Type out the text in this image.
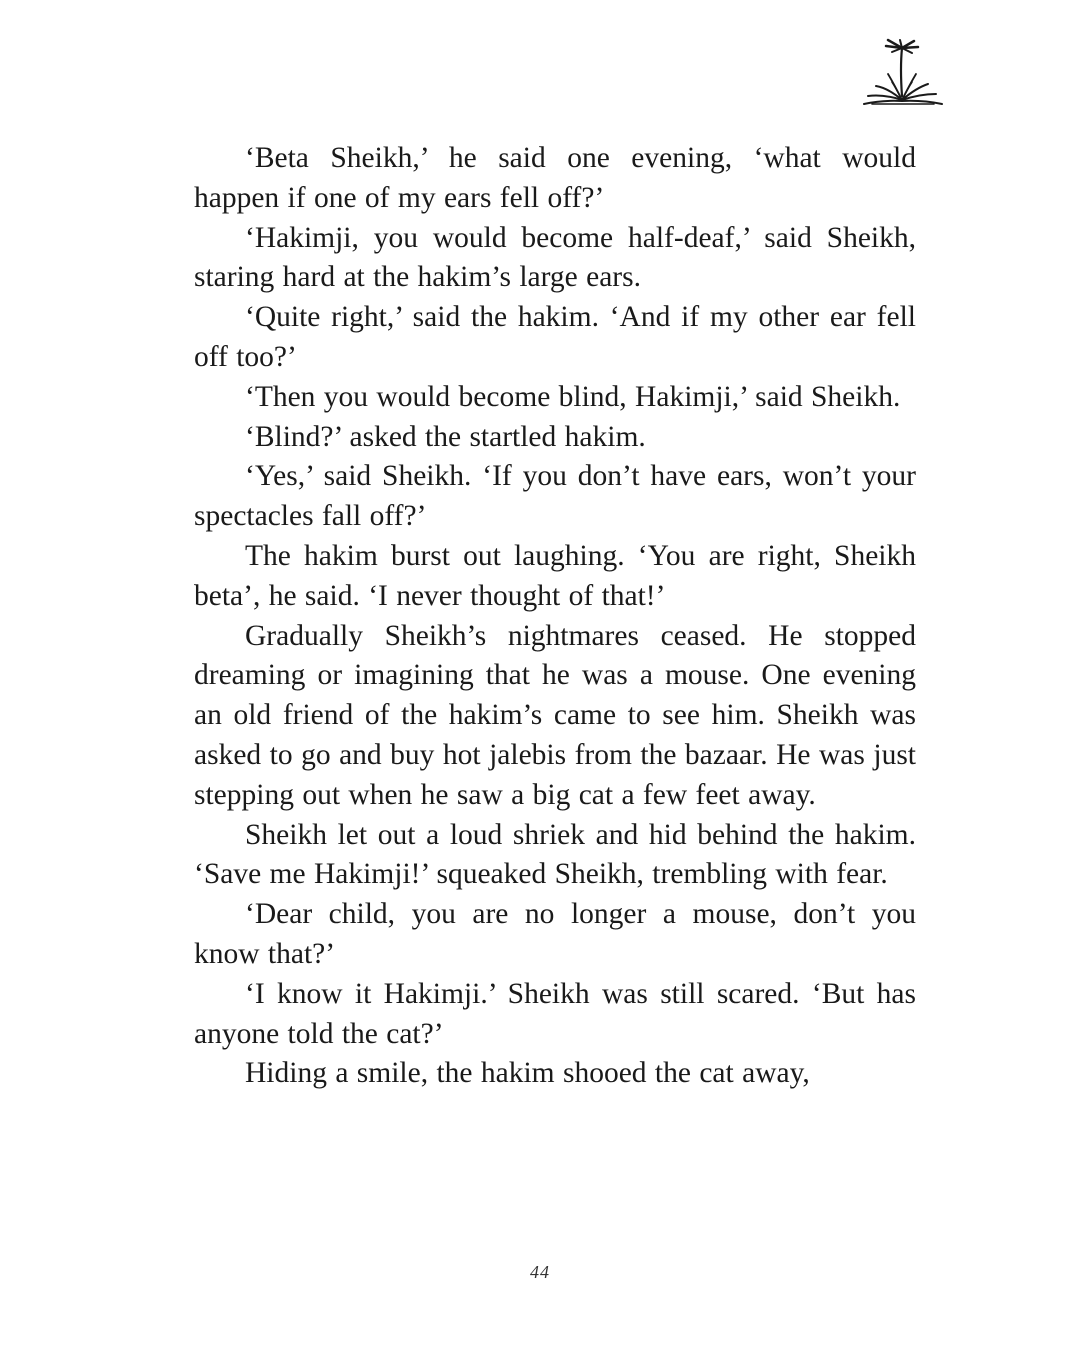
‘Beta Sheikh,’ he said one evening, ‘what would happen if one of my ears fell off?’

‘Hakimji, you would become half-deaf,’ said Sheikh, staring hard at the hakim’s large ears.

‘Quite right,’ said the hakim. ‘And if my other ear fell off too?’

‘Then you would become blind, Hakimji,’ said Sheikh.

‘Blind?’ asked the startled hakim.

‘Yes,’ said Sheikh. ‘If you don’t have ears, won’t your spectacles fall off?’

The hakim burst out laughing. ‘You are right, Sheikh beta’, he said. ‘I never thought of that!’

Gradually Sheikh’s nightmares ceased. He stopped dreaming or imagining that he was a mouse. One evening an old friend of the hakim’s came to see him. Sheikh was asked to go and buy hot jalebis from the bazaar. He was just stepping out when he saw a big cat a few feet away.

Sheikh let out a loud shriek and hid behind the hakim. ‘Save me Hakimji!’ squeaked Sheikh, trembling with fear.

‘Dear child, you are no longer a mouse, don’t you know that?’

‘I know it Hakimji.’ Sheikh was still scared. ‘But has anyone told the cat?’

Hiding a smile, the hakim shooed the cat away,

44
